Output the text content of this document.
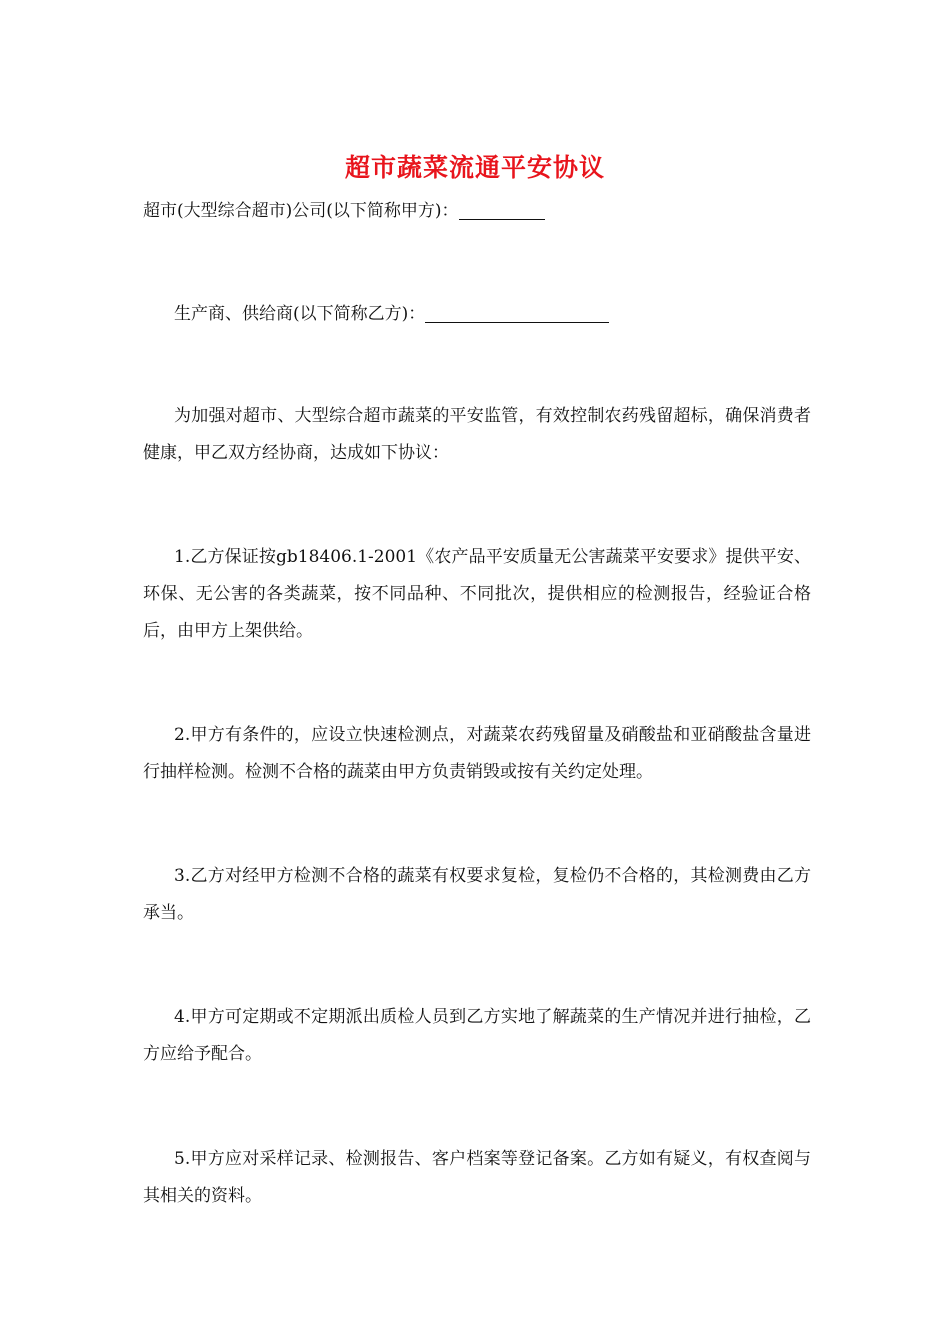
超市蔬菜流通平安协议
超市(大型综合超市)公司(以下简称甲方)：
生产商、供给商(以下简称乙方)：
为加强对超市、大型综合超市蔬菜的平安监管，有效控制农药残留超标，确保消费者健康，甲乙双方经协商，达成如下协议：
1.乙方保证按gb18406.1-2001《农产品平安质量无公害蔬菜平安要求》提供平安、环保、无公害的各类蔬菜，按不同品种、不同批次，提供相应的检测报告，经验证合格后，由甲方上架供给。
2.甲方有条件的，应设立快速检测点，对蔬菜农药残留量及硝酸盐和亚硝酸盐含量进行抽样检测。检测不合格的蔬菜由甲方负责销毁或按有关约定处理。
3.乙方对经甲方检测不合格的蔬菜有权要求复检，复检仍不合格的，其检测费由乙方承当。
4.甲方可定期或不定期派出质检人员到乙方实地了解蔬菜的生产情况并进行抽检，乙方应给予配合。
5.甲方应对采样记录、检测报告、客户档案等登记备案。乙方如有疑义，有权查阅与其相关的资料。
